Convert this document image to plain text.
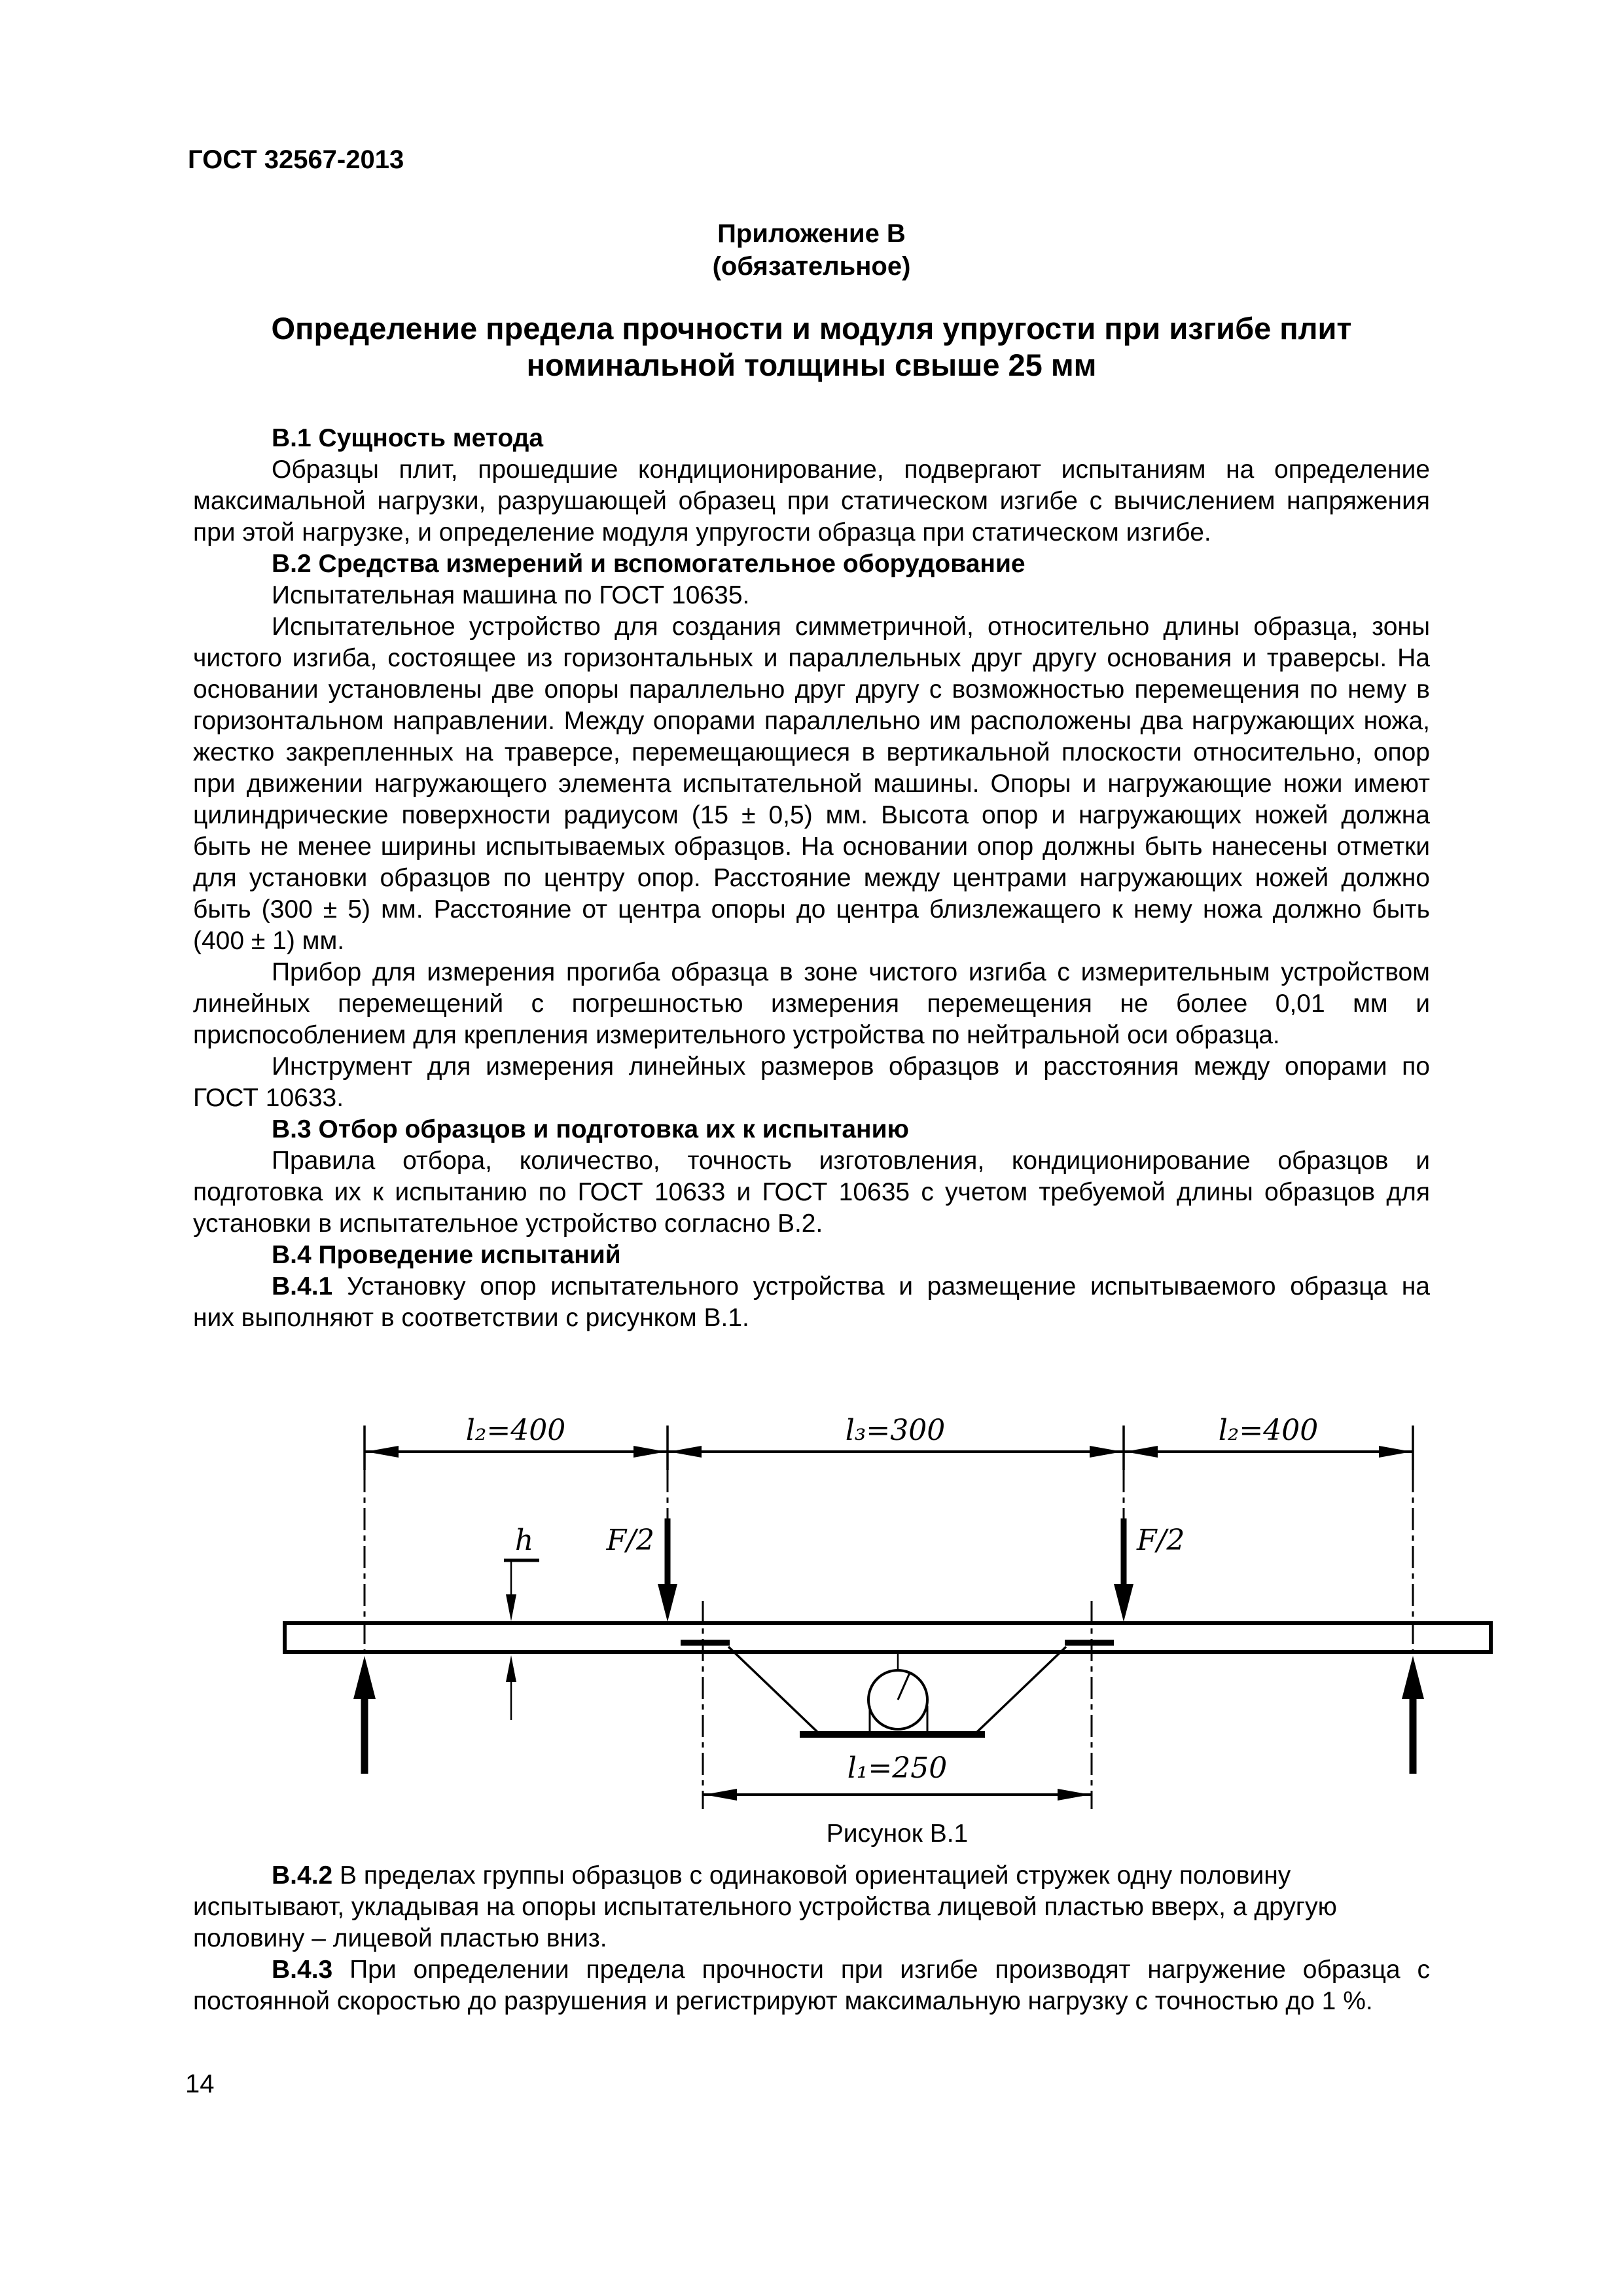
ГОСТ 32567-2013
Приложение В
(обязательное)
Определение предела прочности и модуля упругости при изгибе плит
номинальной толщины свыше 25 мм
В.1 Сущность метода
Образцы плит, прошедшие кондиционирование, подвергают испытаниям на определение
максимальной нагрузки, разрушающей образец при статическом изгибе с вычислением напряжения
при этой нагрузке, и определение модуля упругости образца при статическом изгибе.
В.2 Средства измерений и вспомогательное оборудование
Испытательная машина по ГОСТ 10635.
Испытательное устройство для создания симметричной, относительно длины образца, зоны
чистого изгиба, состоящее из горизонтальных и параллельных друг другу основания и траверсы. На
основании установлены две опоры параллельно друг другу с возможностью перемещения по нему в
горизонтальном направлении. Между опорами параллельно им расположены два нагружающих ножа,
жестко закрепленных на траверсе, перемещающиеся в вертикальной плоскости относительно, опор
при движении нагружающего элемента испытательной машины. Опоры и нагружающие ножи имеют
цилиндрические поверхности радиусом (15 ± 0,5) мм. Высота опор и нагружающих ножей должна
быть не менее ширины испытываемых образцов. На основании опор должны быть нанесены отметки
для установки образцов по центру опор. Расстояние между центрами нагружающих ножей должно
быть (300 ± 5) мм. Расстояние от центра опоры до центра близлежащего к нему ножа должно быть
(400 ± 1) мм.
Прибор для измерения прогиба образца в зоне чистого изгиба с измерительным устройством
линейных перемещений с погрешностью измерения перемещения не более 0,01 мм и
приспособлением для крепления измерительного устройства по нейтральной оси образца.
Инструмент для измерения линейных размеров образцов и расстояния между опорами по
ГОСТ 10633.
В.3 Отбор образцов и подготовка их к испытанию
Правила отбора, количество, точность изготовления, кондиционирование образцов и
подготовка их к испытанию по ГОСТ 10633 и ГОСТ 10635 с учетом требуемой длины образцов для
установки в испытательное устройство согласно В.2.
В.4 Проведение испытаний
В.4.1 Установку опор испытательного устройства и размещение испытываемого образца на
них выполняют в соответствии с рисунком В.1.
l₂=400	l₃=300	l₂=400
F/2	F/2
h
l₁=250
Рисунок В.1
В.4.2 В пределах группы образцов с одинаковой ориентацией стружек одну половину
испытывают, укладывая на опоры испытательного устройства лицевой пластью вверх, а другую
половину – лицевой пластью вниз.
В.4.3 При определении предела прочности при изгибе производят нагружение образца с
постоянной скоростью до разрушения и регистрируют максимальную нагрузку с точностью до 1 %.
14
